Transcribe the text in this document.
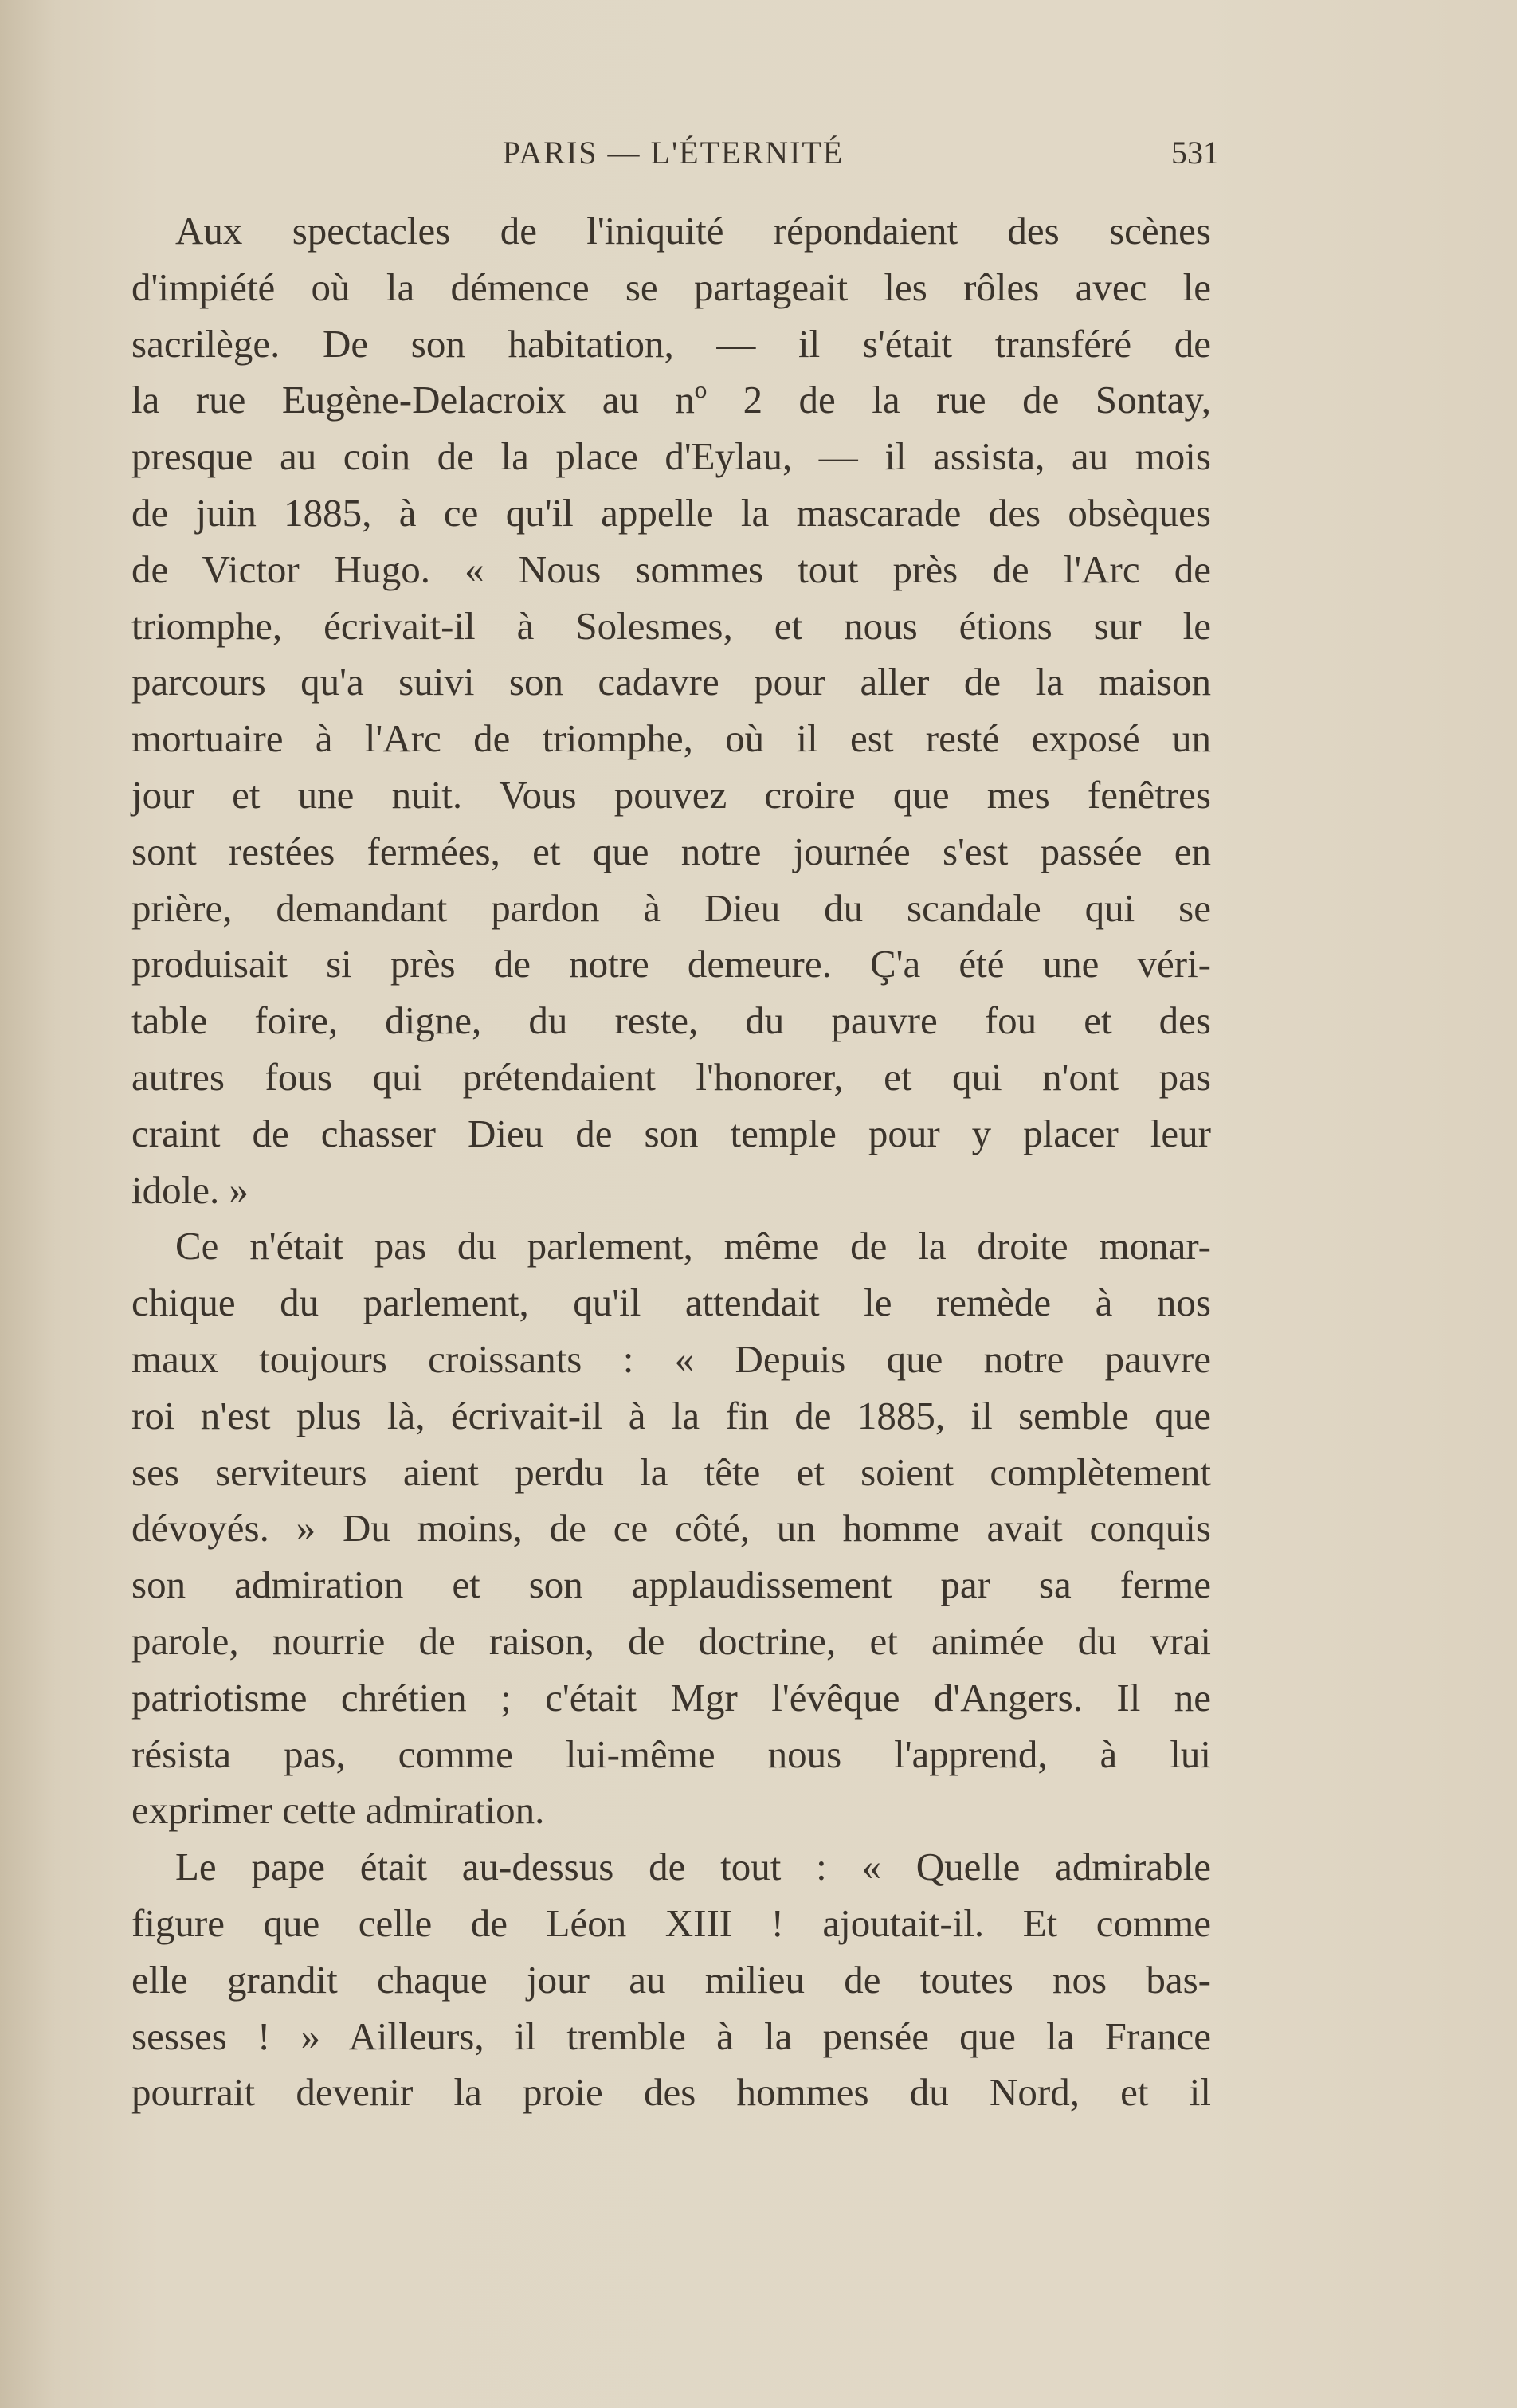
PARIS — L'ÉTERNITÉ	531
Aux spectacles de l'iniquité répondaient des scènes
d'impiété où la démence se partageait les rôles avec le
sacrilège. De son habitation, — il s'était transféré de
la rue Eugène-Delacroix au nº 2 de la rue de Sontay,
presque au coin de la place d'Eylau, — il assista, au mois
de juin 1885, à ce qu'il appelle la mascarade des obsèques
de Victor Hugo. « Nous sommes tout près de l'Arc de
triomphe, écrivait-il à Solesmes, et nous étions sur le
parcours qu'a suivi son cadavre pour aller de la maison
mortuaire à l'Arc de triomphe, où il est resté exposé un
jour et une nuit. Vous pouvez croire que mes fenêtres
sont restées fermées, et que notre journée s'est passée en
prière, demandant pardon à Dieu du scandale qui se
produisait si près de notre demeure. Ç'a été une véri-
table foire, digne, du reste, du pauvre fou et des
autres fous qui prétendaient l'honorer, et qui n'ont pas
craint de chasser Dieu de son temple pour y placer leur
idole. »
Ce n'était pas du parlement, même de la droite monar-
chique du parlement, qu'il attendait le remède à nos
maux toujours croissants : « Depuis que notre pauvre
roi n'est plus là, écrivait-il à la fin de 1885, il semble que
ses serviteurs aient perdu la tête et soient complètement
dévoyés. » Du moins, de ce côté, un homme avait conquis
son admiration et son applaudissement par sa ferme
parole, nourrie de raison, de doctrine, et animée du vrai
patriotisme chrétien ; c'était Mgr l'évêque d'Angers. Il ne
résista pas, comme lui-même nous l'apprend, à lui
exprimer cette admiration.
Le pape était au-dessus de tout : « Quelle admirable
figure que celle de Léon XIII ! ajoutait-il. Et comme
elle grandit chaque jour au milieu de toutes nos bas-
sesses ! » Ailleurs, il tremble à la pensée que la France
pourrait devenir la proie des hommes du Nord, et il
